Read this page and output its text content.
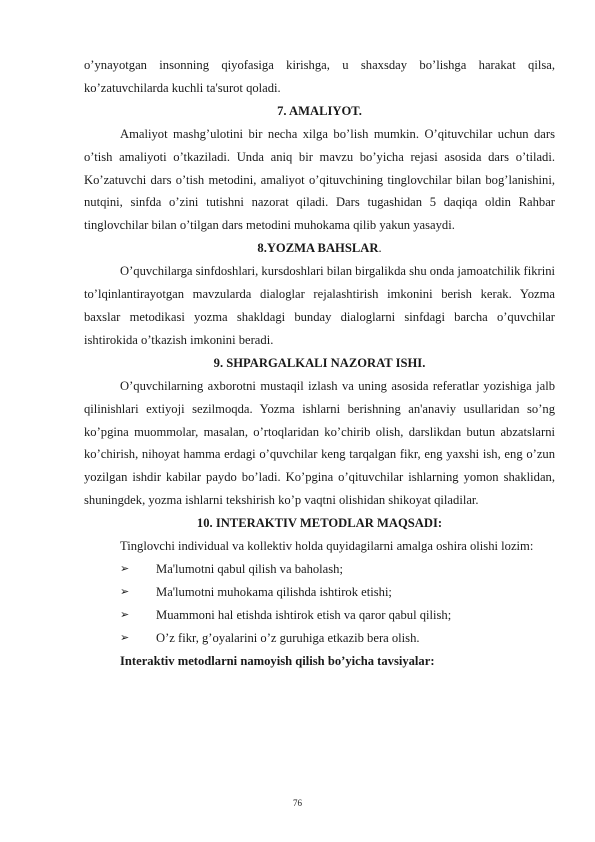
o’ynayotgan insonning qiyofasiga kirishga, u shaxsday bo’lishga harakat qilsa, ko’zatuvchilarda kuchli ta'surot qoladi.

7. AMALIYOT.

Amaliyot mashg’ulotini bir necha xilga bo’lish mumkin. O’qituvchilar uchun dars o’tish amaliyoti o’tkaziladi. Unda aniq bir mavzu bo’yicha rejasi asosida dars o’tiladi. Ko’zatuvchi dars o’tish metodini, amaliyot o’qituvchining tinglovchilar bilan bog’lanishini, nutqini, sinfda o’zini tutishni nazorat qiladi. Dars tugashidan 5 daqiqa oldin Rahbar tinglovchilar bilan o’tilgan dars metodini muhokama qilib yakun yasaydi.

8.YOZMA BAHSLAR.

O’quvchilarga sinfdoshlari, kursdoshlari bilan birgalikda shu onda jamoatchilik fikrini to’lqinlantirayotgan mavzularda dialoglar rejalashtirish imkonini berish kerak. Yozma baxslar metodikasi yozma shakldagi bunday dialoglarni sinfdagi barcha o’quvchilar ishtirokida o’tkazish imkonini beradi.

9. SHPARGALKALI NAZORAT ISHI.

O’quvchilarning axborotni mustaqil izlash va uning asosida referatlar yozishiga jalb qilinishlari extiyoji sezilmoqda. Yozma ishlarni berishning an'anaviy usullaridan so’ng ko’pgina muommolar, masalan, o’rtoqlaridan ko’chirib olish, darslikdan butun abzatslarni ko’chirish, nihoyat hamma erdagi o’quvchilar keng tarqalgan fikr, eng yaxshi ish, eng o’zun yozilgan ishdir kabilar paydo bo’ladi. Ko’pgina o’qituvchilar ishlarning yomon shaklidan, shuningdek, yozma ishlarni tekshirish ko’p vaqtni olishidan shikoyat qiladilar.

10. INTERAKTIV METODLAR MAQSADI:

Tinglovchi individual va kollektiv holda quyidagilarni amalga oshira olishi lozim:

➢ Ma'lumotni qabul qilish va baholash;
➢ Ma'lumotni muhokama qilishda ishtirok etishi;
➢ Muammoni hal etishda ishtirok etish va qaror qabul qilish;
➢ O’z fikr, g’oyalarini o’z guruhiga etkazib bera olish.
Interaktiv metodlarni namoyish qilish bo’yicha tavsiyalar:
76
